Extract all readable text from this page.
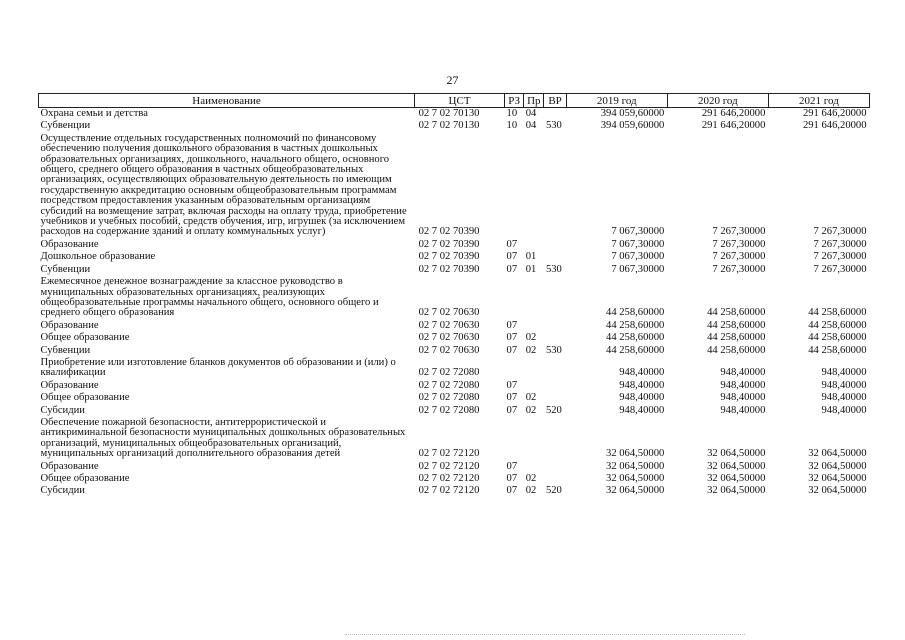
27
Наименование	ЦСТ	РЗ	Пр	ВР	2019 год	2020 год	2021 год
Охрана семьи и детства	02 7 02 70130	10	04		394 059,60000	291 646,20000	291 646,20000
Субвенции	02 7 02 70130	10	04	530	394 059,60000	291 646,20000	291 646,20000
Осуществление отдельных государственных полномочий по финансовому обеспечению получения дошкольного образования в частных дошкольных образовательных организациях, дошкольного, начального общего, основного общего, среднего общего образования в частных общеобразовательных организациях, осуществляющих образовательную деятельность по имеющим государственную аккредитацию основным общеобразовательным программам посредством предоставления указанным образовательным организациям субсидий на возмещение затрат, включая расходы на оплату труда, приобретение учебников и учебных пособий, средств обучения, игр, игрушек (за исключением расходов на содержание зданий и оплату коммунальных услуг)	02 7 02 70390				7 067,30000	7 267,30000	7 267,30000
Образование	02 7 02 70390	07			7 067,30000	7 267,30000	7 267,30000
Дошкольное образование	02 7 02 70390	07	01		7 067,30000	7 267,30000	7 267,30000
Субвенции	02 7 02 70390	07	01	530	7 067,30000	7 267,30000	7 267,30000
Ежемесячное денежное вознаграждение за классное руководство в муниципальных образовательных организациях, реализующих общеобразовательные программы начального общего, основного общего и среднего общего образования	02 7 02 70630				44 258,60000	44 258,60000	44 258,60000
Образование	02 7 02 70630	07			44 258,60000	44 258,60000	44 258,60000
Общее образование	02 7 02 70630	07	02		44 258,60000	44 258,60000	44 258,60000
Субвенции	02 7 02 70630	07	02	530	44 258,60000	44 258,60000	44 258,60000
Приобретение или изготовление бланков документов об образовании и (или) о квалификации	02 7 02 72080				948,40000	948,40000	948,40000
Образование	02 7 02 72080	07			948,40000	948,40000	948,40000
Общее образование	02 7 02 72080	07	02		948,40000	948,40000	948,40000
Субсидии	02 7 02 72080	07	02	520	948,40000	948,40000	948,40000
Обеспечение пожарной безопасности, антитеррористической и антикриминальной безопасности муниципальных дошкольных образовательных организаций, муниципальных общеобразовательных организаций, муниципальных организаций дополнительного образования детей	02 7 02 72120				32 064,50000	32 064,50000	32 064,50000
Образование	02 7 02 72120	07			32 064,50000	32 064,50000	32 064,50000
Общее образование	02 7 02 72120	07	02		32 064,50000	32 064,50000	32 064,50000
Субсидии	02 7 02 72120	07	02	520	32 064,50000	32 064,50000	32 064,50000
